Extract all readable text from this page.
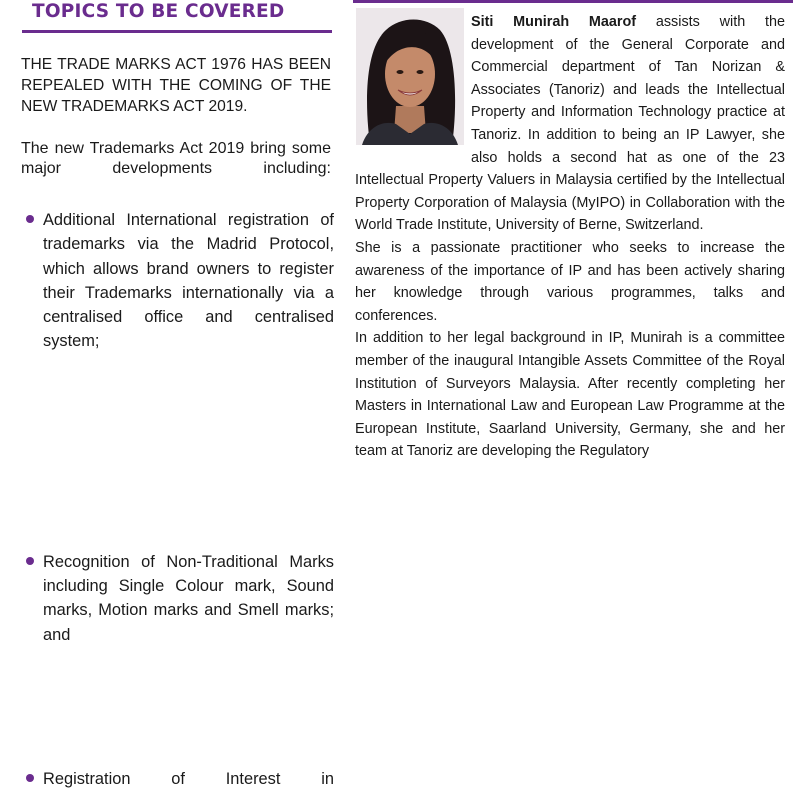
TOPICS TO BE COVERED
THE TRADE MARKS ACT 1976 HAS BEEN REPEALED WITH THE COMING OF THE NEW TRADEMARKS ACT 2019.
The new Trademarks Act 2019 bring some major developments including:
Additional International registration of trademarks via the Madrid Protocol, which allows brand owners to register their Trademarks internationally via a centralised office and centralised system;
Recognition of Non-Traditional Marks including Single Colour mark, Sound marks, Motion marks and Smell marks; and
Registration of Interest in

Siti Munirah Maarof assists with the development of the General Corporate and Commercial department of Tan Norizan & Associates (Tanoriz) and leads the Intellectual Property and Information Technology practice at Tanoriz. In addition to being an IP Lawyer, she also holds a second hat as one of the 23 Intellectual Property Valuers in Malaysia certified by the Intellectual Property Corporation of Malaysia (MyIPO) in Collaboration with the World Trade Institute, University of Berne, Switzerland.

She is a passionate practitioner who seeks to increase the awareness of the importance of IP and has been actively sharing her knowledge through various programmes, talks and conferences.

In addition to her legal background in IP, Munirah is a committee member of the inaugural Intangible Assets Committee of the Royal Institution of Surveyors Malaysia. After recently completing her Masters in International Law and European Law Programme at the European Institute, Saarland University, Germany, she and her team at Tanoriz are developing the Regulatory
